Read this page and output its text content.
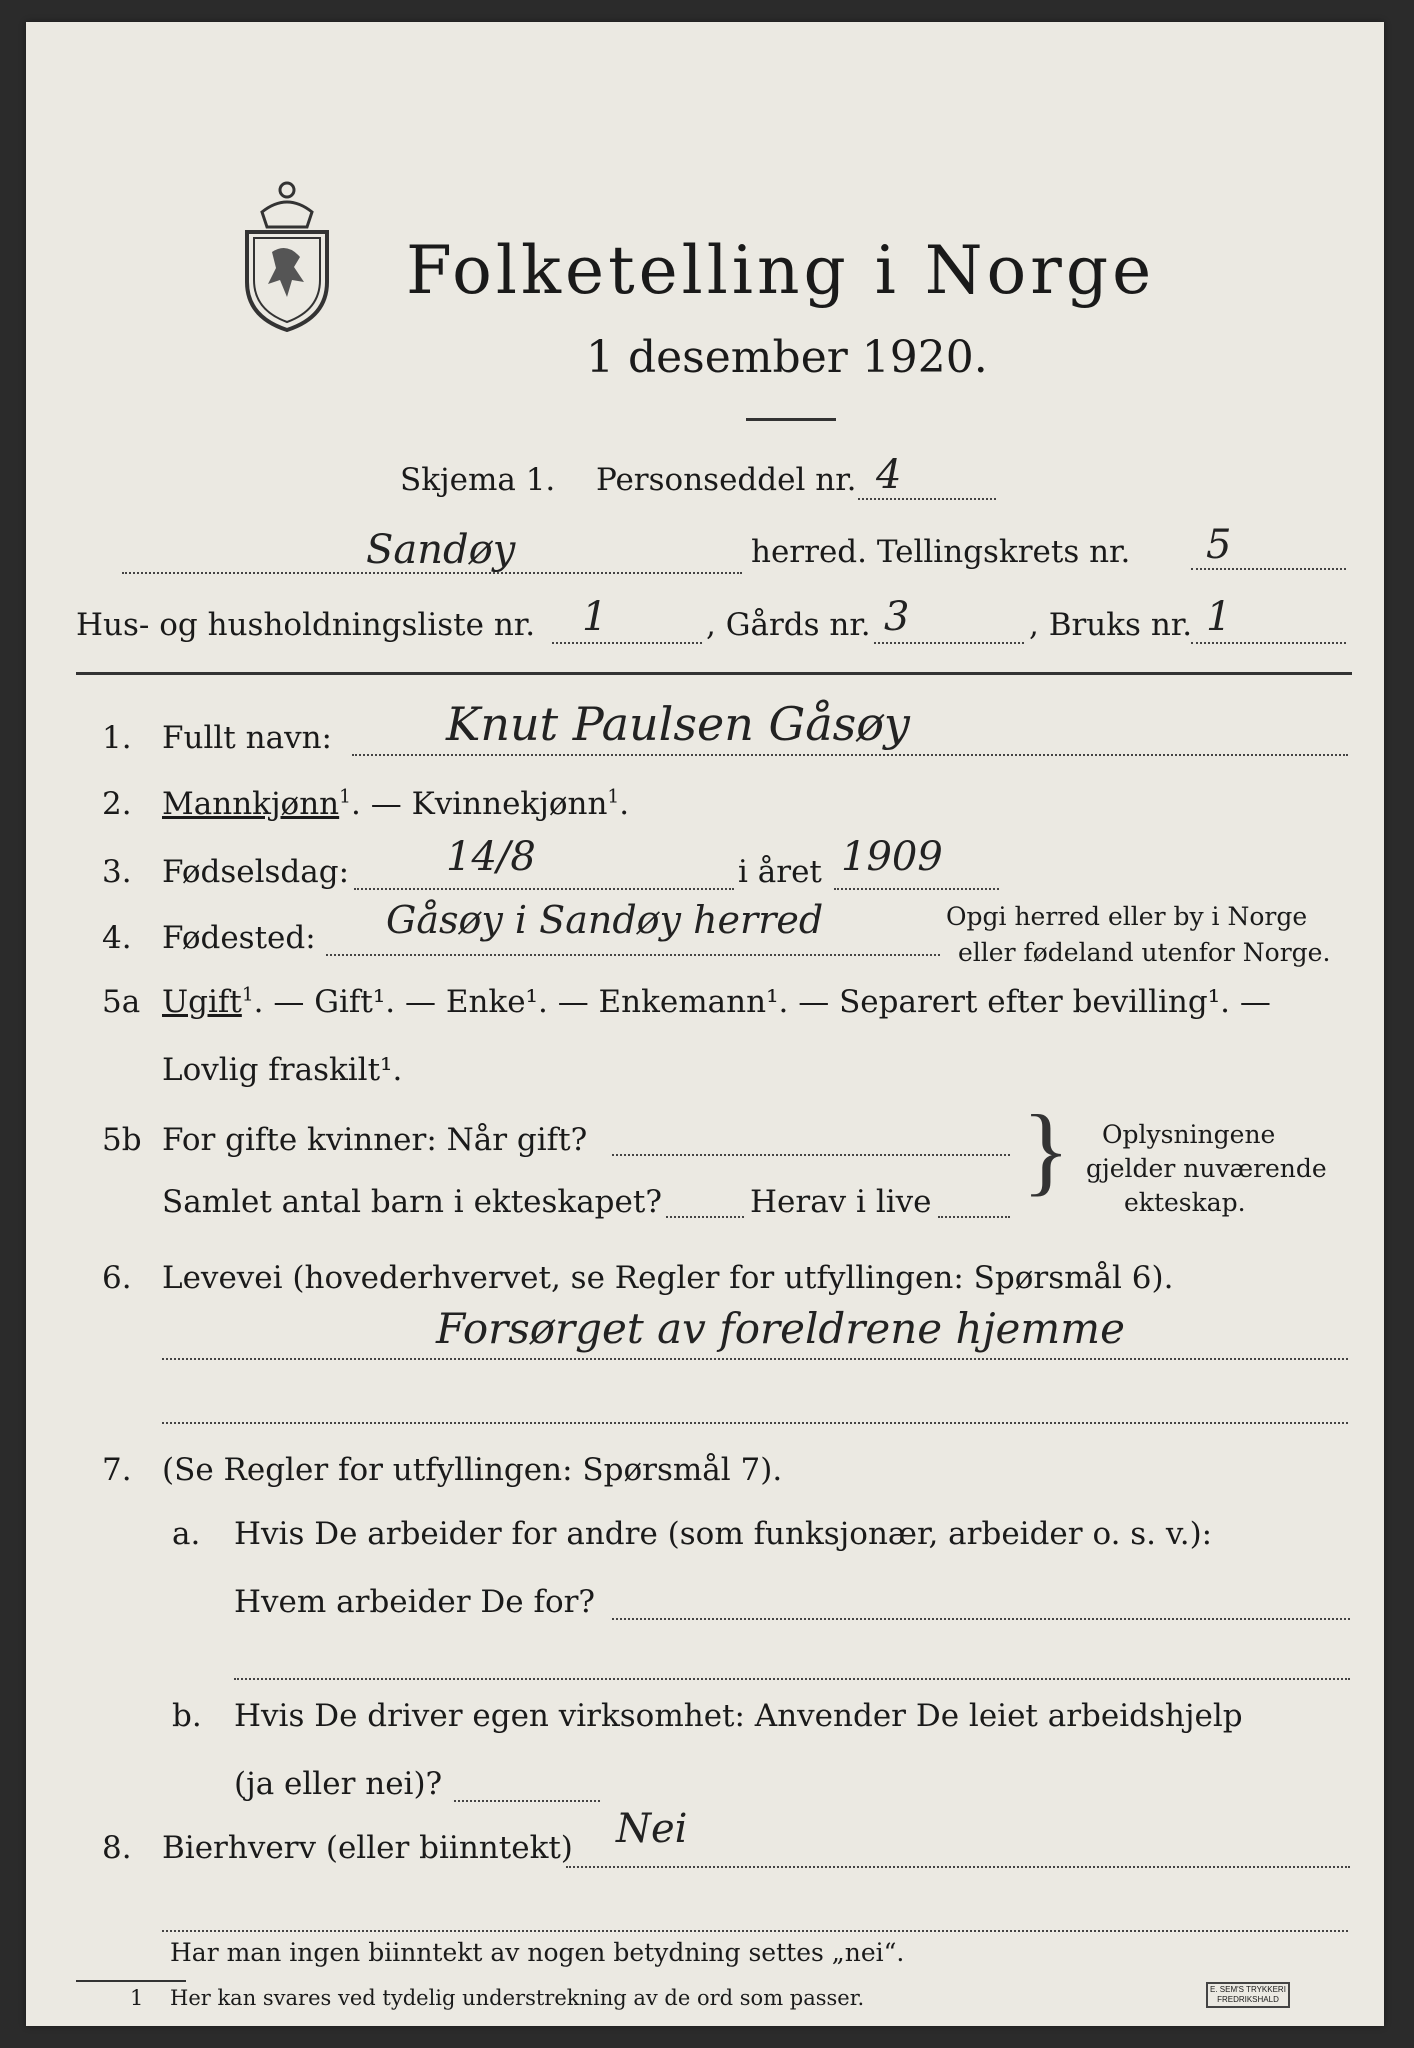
Folketelling i Norge
1 desember 1920.
Skjema 1. Personseddel nr. 4
Sandøy	herred. Tellingskrets nr. 5
Hus- og husholdningsliste nr. 1	, Gårds nr. 3	, Bruks nr. 1
1. Fullt navn: Knut Paulsen Gåsøy
2. Mannkjønn$^1$. — Kvinnekjønn$^1$.
3. Fødselsdag: 14/8	i året 1909
4. Fødested: Gåsøy i Sandøy herred	Opgi herred eller by i Norge
eller fødeland utenfor Norge.
5a Ugift$^1$. — Gift¹. — Enke¹. — Enkemann¹. — Separert efter bevilling¹. —
Lovlig fraskilt¹.
5b For gifte kvinner: Når gift?
Samlet antal barn i ekteskapet?	Herav i live } Oplysningene
gjelder nuværende
ekteskap.
6. Levevei (hovederhvervet, se Regler for utfyllingen: Spørsmål 6).
Forsørget av foreldrene hjemme
7. (Se Regler for utfyllingen: Spørsmål 7).
a. Hvis De arbeider for andre (som funksjonær, arbeider o. s. v.):
Hvem arbeider De for?
b. Hvis De driver egen virksomhet: Anvender De leiet arbeidshjelp
(ja eller nei)?
8. Bierhverv (eller biinntekt) Nei
Har man ingen biinntekt av nogen betydning settes „nei“.
1 Her kan svares ved tydelig understrekning av de ord som passer.	E. SEM'S TRYKKERI
FREDRIKSHALD
